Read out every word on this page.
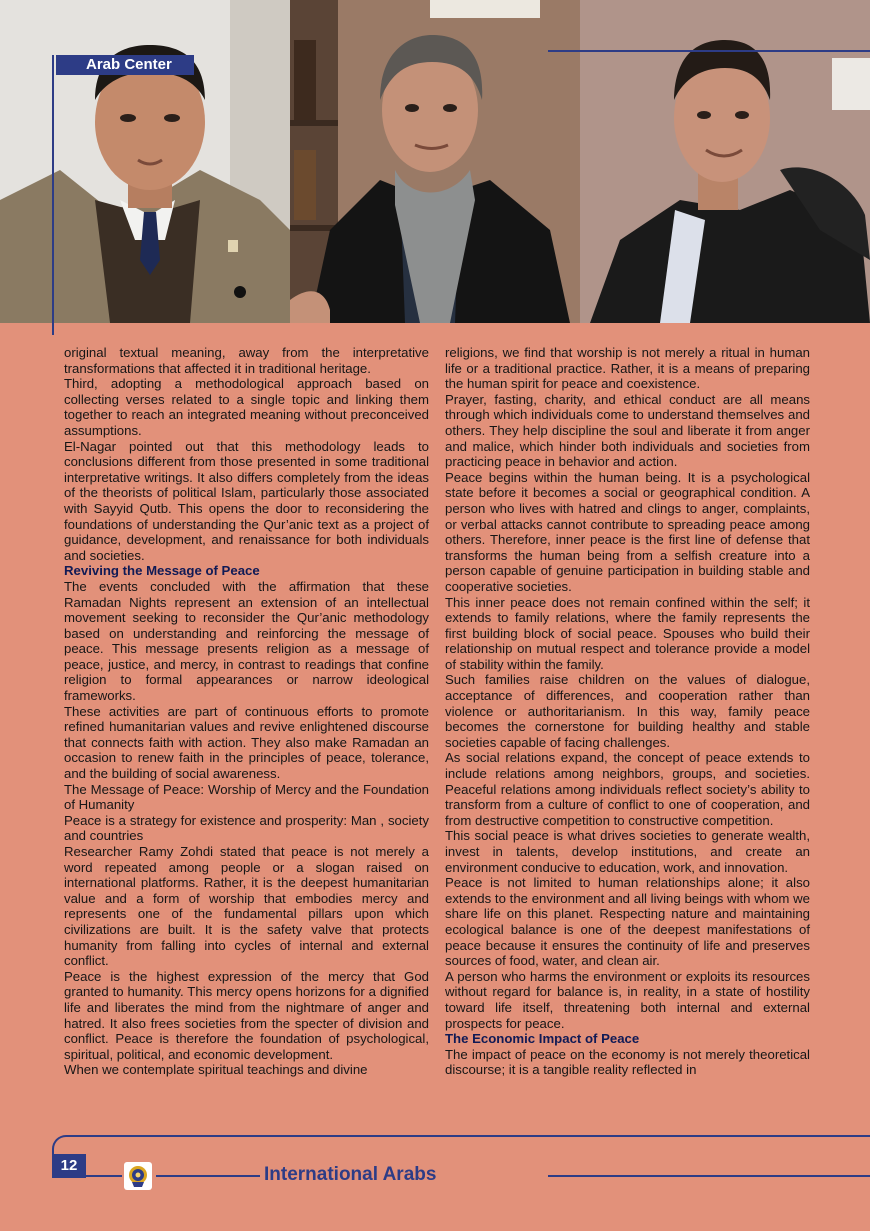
Arab Center

original textual meaning, away from the interpretative transformations that affected it in traditional heritage.

Third, adopting a methodological approach based on collecting verses related to a single topic and linking them together to reach an integrated meaning without preconceived assumptions.

El-Nagar pointed out that this methodology leads to conclusions different from those presented in some traditional interpretative writings. It also differs completely from the ideas of the theorists of political Islam, particularly those associated with Sayyid Qutb. This opens the door to reconsidering the foundations of understanding the Qur’anic text as a project of guidance, development, and renaissance for both individuals and societies.

Reviving the Message of Peace

The events concluded with the affirmation that these Ramadan Nights represent an extension of an intellectual movement seeking to reconsider the Qur’anic methodology based on understanding and reinforcing the message of peace. This message presents religion as a message of peace, justice, and mercy, in contrast to readings that confine religion to formal appearances or narrow ideological frameworks.

These activities are part of continuous efforts to promote refined humanitarian values and revive enlightened discourse that connects faith with action. They also make Ramadan an occasion to renew faith in the principles of peace, tolerance, and the building of social awareness.

The Message of Peace: Worship of Mercy and the Foundation of Humanity

Peace is a strategy for existence and prosperity: Man , society and countries

Researcher Ramy Zohdi stated that peace is not merely a word repeated among people or a slogan raised on international platforms. Rather, it is the deepest humanitarian value and a form of worship that embodies mercy and represents one of the fundamental pillars upon which civilizations are built. It is the safety valve that protects humanity from falling into cycles of internal and external conflict.

Peace is the highest expression of the mercy that God granted to humanity. This mercy opens horizons for a dignified life and liberates the mind from the nightmare of anger and hatred. It also frees societies from the specter of division and conflict. Peace is therefore the foundation of psychological, spiritual, political, and economic development.

When we contemplate spiritual teachings and divine

religions, we find that worship is not merely a ritual in human life or a traditional practice. Rather, it is a means of preparing the human spirit for peace and coexistence.

Prayer, fasting, charity, and ethical conduct are all means through which individuals come to understand themselves and others. They help discipline the soul and liberate it from anger and malice, which hinder both individuals and societies from practicing peace in behavior and action.

Peace begins within the human being. It is a psychological state before it becomes a social or geographical condition. A person who lives with hatred and clings to anger, complaints, or verbal attacks cannot contribute to spreading peace among others. Therefore, inner peace is the first line of defense that transforms the human being from a selfish creature into a person capable of genuine participation in building stable and cooperative societies.

This inner peace does not remain confined within the self; it extends to family relations, where the family represents the first building block of social peace. Spouses who build their relationship on mutual respect and tolerance provide a model of stability within the family.

Such families raise children on the values of dialogue, acceptance of differences, and cooperation rather than violence or authoritarianism. In this way, family peace becomes the cornerstone for building healthy and stable societies capable of facing challenges.

As social relations expand, the concept of peace extends to include relations among neighbors, groups, and societies. Peaceful relations among individuals reflect society’s ability to transform from a culture of conflict to one of cooperation, and from destructive competition to constructive competition.

This social peace is what drives societies to generate wealth, invest in talents, develop institutions, and create an environment conducive to education, work, and innovation.

Peace is not limited to human relationships alone; it also extends to the environment and all living beings with whom we share life on this planet. Respecting nature and maintaining ecological balance is one of the deepest manifestations of peace because it ensures the continuity of life and preserves sources of food, water, and clean air.

A person who harms the environment or exploits its resources without regard for balance is, in reality, in a state of hostility toward life itself, threatening both internal and external prospects for peace.

The Economic Impact of Peace

The impact of peace on the economy is not merely theoretical discourse; it is a tangible reality reflected in

12	International Arabs
